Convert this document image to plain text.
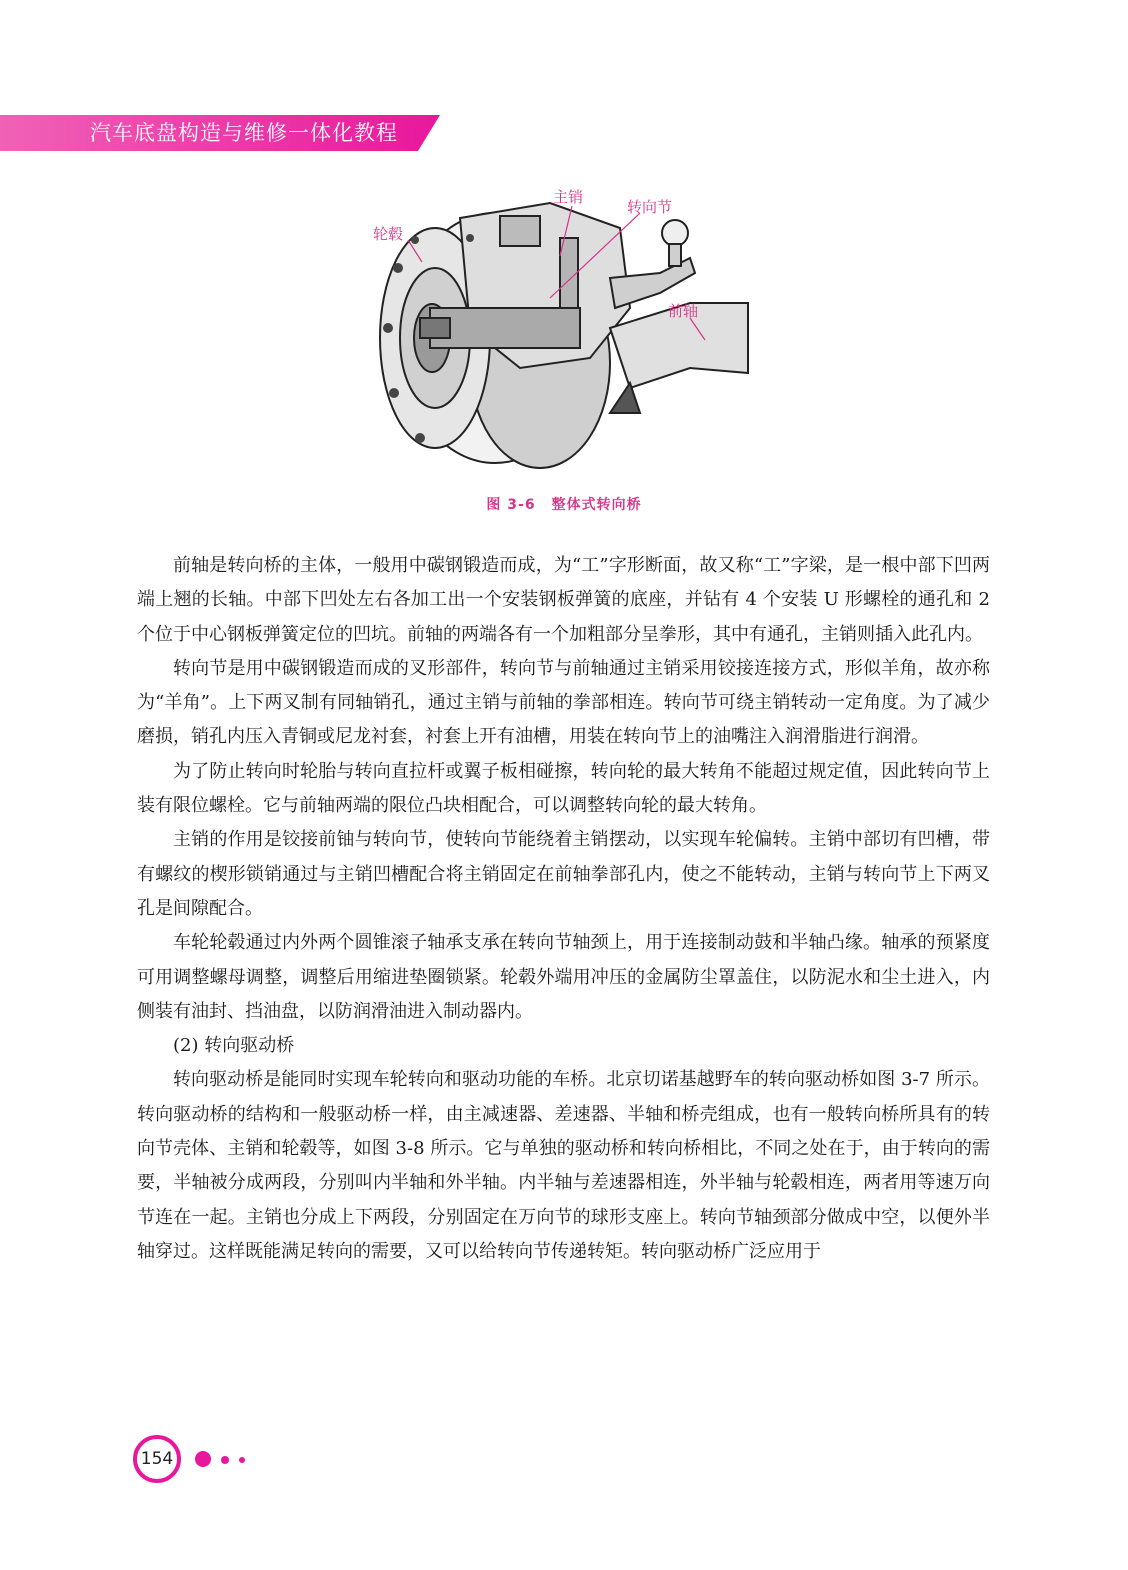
汽车底盘构造与维修一体化教程
主销
转向节
轮毂
前轴
图 3-6 整体式转向桥

前轴是转向桥的主体，一般用中碳钢锻造而成，为“工”字形断面，故又称“工”字梁，是一根中部下凹两端上翘的长轴。中部下凹处左右各加工出一个安装钢板弹簧的底座，并钻有 4 个安装 U 形螺栓的通孔和 2 个位于中心钢板弹簧定位的凹坑。前轴的两端各有一个加粗部分呈拳形，其中有通孔，主销则插入此孔内。

转向节是用中碳钢锻造而成的叉形部件，转向节与前轴通过主销采用铰接连接方式，形似羊角，故亦称为“羊角”。上下两叉制有同轴销孔，通过主销与前轴的拳部相连。转向节可绕主销转动一定角度。为了减少磨损，销孔内压入青铜或尼龙衬套，衬套上开有油槽，用装在转向节上的油嘴注入润滑脂进行润滑。

为了防止转向时轮胎与转向直拉杆或翼子板相碰擦，转向轮的最大转角不能超过规定值，因此转向节上装有限位螺栓。它与前轴两端的限位凸块相配合，可以调整转向轮的最大转角。

主销的作用是铰接前铀与转向节，使转向节能绕着主销摆动，以实现车轮偏转。主销中部切有凹槽，带有螺纹的楔形锁销通过与主销凹槽配合将主销固定在前轴拳部孔内，使之不能转动，主销与转向节上下两叉孔是间隙配合。

车轮轮毂通过内外两个圆锥滚子轴承支承在转向节轴颈上，用于连接制动鼓和半轴凸缘。轴承的预紧度可用调整螺母调整，调整后用缩进垫圈锁紧。轮毂外端用冲压的金属防尘罩盖住，以防泥水和尘土进入，内侧装有油封、挡油盘，以防润滑油进入制动器内。

(2) 转向驱动桥

转向驱动桥是能同时实现车轮转向和驱动功能的车桥。北京切诺基越野车的转向驱动桥如图 3-7 所示。转向驱动桥的结构和一般驱动桥一样，由主减速器、差速器、半轴和桥壳组成，也有一般转向桥所具有的转向节壳体、主销和轮毂等，如图 3-8 所示。它与单独的驱动桥和转向桥相比，不同之处在于，由于转向的需要，半轴被分成两段，分别叫内半轴和外半轴。内半轴与差速器相连，外半轴与轮毂相连，两者用等速万向节连在一起。主销也分成上下两段，分别固定在万向节的球形支座上。转向节轴颈部分做成中空，以便外半轴穿过。这样既能满足转向的需要，又可以给转向节传递转矩。转向驱动桥广泛应用于

154
